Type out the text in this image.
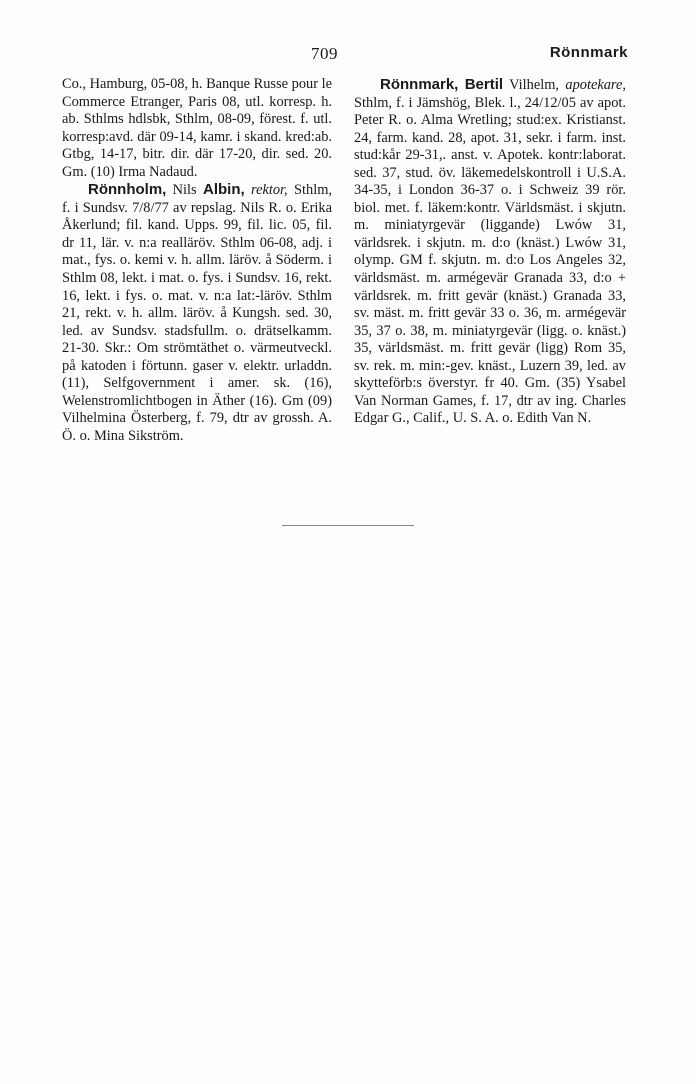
709	Rönnmark

Co., Hamburg, 05-08, h. Banque Russe pour le Commerce Etranger, Paris 08, utl. korresp. h. ab. Sthlms hdlsbk, Sthlm, 08-09, förest. f. utl. korresp:avd. där 09-14, kamr. i skand. kred:ab. Gtbg, 14-17, bitr. dir. där 17-20, dir. sed. 20. Gm. (10) Irma Nadaud.

Rönnholm, Nils Albin, rektor, Sthlm, f. i Sundsv. 7/8/77 av repslag. Nils R. o. Erika Åkerlund; fil. kand. Upps. 99, fil. lic. 05, fil. dr 11, lär. v. n:a realläröv. Sthlm 06-08, adj. i mat., fys. o. kemi v. h. allm. läröv. å Söderm. i Sthlm 08, lekt. i mat. o. fys. i Sundsv. 16, rekt. 16, lekt. i fys. o. mat. v. n:a lat:-läröv. Sthlm 21, rekt. v. h. allm. läröv. å Kungsh. sed. 30, led. av Sundsv. stadsfullm. o. drätselkamm. 21-30. Skr.: Om strömtäthet o. värmeutveckl. på katoden i förtunn. gaser v. elektr. urladdn. (11), Selfgovernment i amer. sk. (16), Welenstromlichtbogen in Äther (16). Gm (09) Vilhelmina Österberg, f. 79, dtr av grossh. A. Ö. o. Mina Sikström.

Rönnmark, Bertil Vilhelm, apotekare, Sthlm, f. i Jämshög, Blek. l., 24/12/05 av apot. Peter R. o. Alma Wretling; stud:ex. Kristianst. 24, farm. kand. 28, apot. 31, sekr. i farm. inst. stud:kår 29-31,. anst. v. Apotek. kontr:laborat. sed. 37, stud. öv. läkemedelskontroll i U.S.A. 34-35, i London 36-37 o. i Schweiz 39 rör. biol. met. f. läkem:kontr. Världsmäst. i skjutn. m. miniatyrgevär (liggande) Lwów 31, världsrek. i skjutn. m. d:o (knäst.) Lwów 31, olymp. GM f. skjutn. m. d:o Los Angeles 32, världsmäst. m. armégevär Granada 33, d:o + världsrek. m. fritt gevär (knäst.) Granada 33, sv. mäst. m. fritt gevär 33 o. 36, m. armégevär 35, 37 o. 38, m. miniatyrgevär (ligg. o. knäst.) 35, världsmäst. m. fritt gevär (ligg) Rom 35, sv. rek. m. min:-gev. knäst., Luzern 39, led. av skytteförb:s överstyr. fr 40. Gm. (35) Ysabel Van Norman Games, f. 17, dtr av ing. Charles Edgar G., Calif., U. S. A. o. Edith Van N.
